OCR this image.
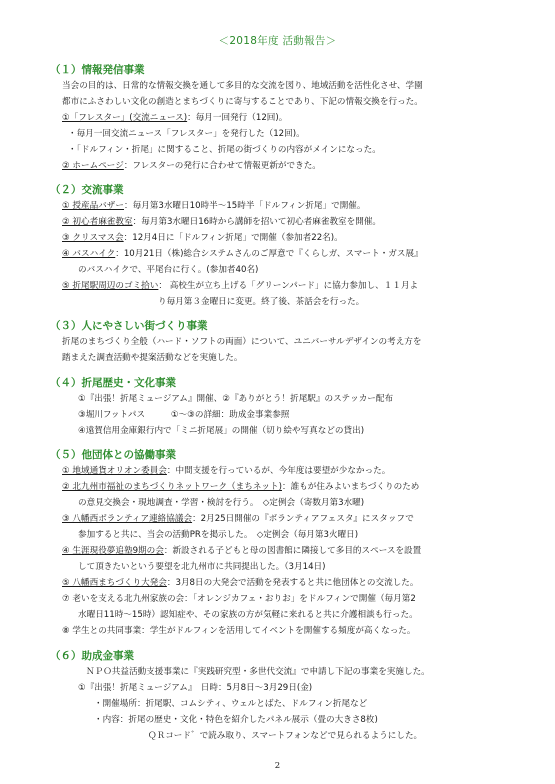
＜2018年度 活動報告＞
（１）情報発信事業
当会の目的は、日常的な情報交換を通して多目的な交流を図り、地域活動を活性化させ、学園
都市にふさわしい文化の創造とまちづくりに寄与することであり、下記の情報交換を行った。
①「フレスター」(交流ニュース)：毎月一回発行（12回)。
・毎月一回交流ニュース「フレスター」を発行した（12回)。
・「ドルフィン・折尾」に関すること、折尾の街づくりの内容がメインになった。
② ホームページ：フレスターの発行に合わせて情報更新ができた。
（２）交流事業
① 授産品バザー：毎月第3水曜日10時半～15時半「ドルフィン折尾」で開催。
② 初心者麻雀教室：毎月第3水曜日16時から講師を招いて初心者麻雀教室を開催。
③ クリスマス会：12月4日に「ドルフィン折尾」で開催（参加者22名)。
④ バスハイク：10月21日（株)総合システムさんのご厚意で『くらしガ、スマート・ガス展』
のバスハイクで、平尾台に行く。(参加者40名)
⑤ 折尾駅周辺のゴミ拾い： 高校生が立ち上げる「グリーンパード」に協力参加し、１１月よ
り毎月第３金曜日に変更。終了後、茶話会を行った。
（３）人にやさしい街づくり事業
折尾のまちづくり全般（ハード・ソフトの両面）について、ユニバーサルデザインの考え方を
踏まえた調査活動や提案活動などを実施した。
（４）折尾歴史・文化事業
①『出張！折尾ミュージアム』開催、②『ありがとう！折尾駅』のステッカー配布
③堀川フットパス　　　①～③の詳細：助成金事業参照
④遠賀信用金庫銀行内で「ミニ折尾展」の開催（切り絵や写真などの貸出)
（５）他団体との協働事業
① 地域通貨オリオン委員会：中間支援を行っているが、今年度は要望が少なかった。
② 北九州市福祉のまちづくりネットワーク（まちネット)：誰もが住みよいまちづくりのため
の意見交換会・現地調査・学習・検討を行う。　◇定例会（寄数月第3水曜)
③ 八幡西ボランティア連絡協議会：2月25日開催の『ボランティアフェスタ』にスタッフで
参加すると共に、当会の活動PRを掲示した。　◇定例会（毎月第3火曜日)
④ 生涯現役夢追塾9期の会：新設される子どもと母の図書館に隣接して多目的スペースを設置
して頂きたいという要望を北九州市に共同提出した。（3月14日)
⑤ 八幡西まちづくり大発会：3月8日の大発会で活動を発表すると共に他団体との交流した。
⑦ 老いを支える北九州家族の会：「オレンジカフェ・おりお」をドルフィンで開催（毎月第2
水曜日11時～15時）認知症や、その家族の方が気軽に来れると共に介護相談も行った。
⑧ 学生との共同事業：学生がドルフィンを活用してイベントを開催する頻度が高くなった。
（６）助成金事業
ＮＰＯ共益活動支援事業に『実践研究型・多世代交流』で申請し下記の事業を実施した。
①『出張！折尾ミュージアム』　日時：5月8日～3月29日(金)
・開催場所：折尾駅、コムシティ、ウェルとばた、ドルフィン折尾など
・内容：折尾の歴史・文化・特色を紹介したパネル展示（畳の大きさ8枚)
ＱＲコード゛で読み取り、スマートフォンなどで見られるようにした。
2
